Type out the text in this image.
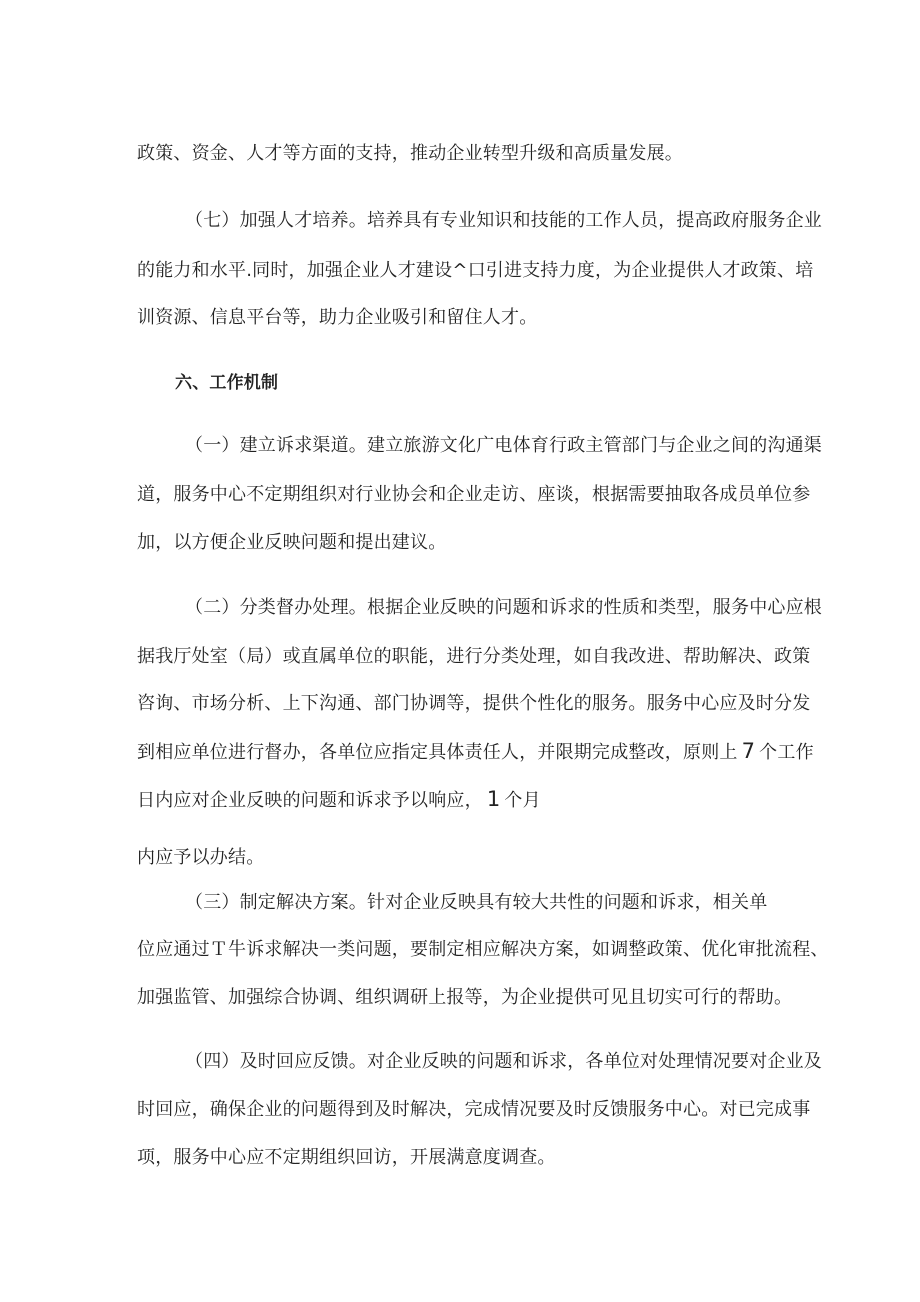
政策、资金、人才等方面的支持，推动企业转型升级和高质量发展。
（七）加强人才培养。培养具有专业知识和技能的工作人员，提高政府服务企业
的能力和水平.同时，加强企业人才建设^口引进支持力度，为企业提供人才政策、培
训资源、信息平台等，助力企业吸引和留住人才。
六、工作机制
（一）建立诉求渠道。建立旅游文化广电体育行政主管部门与企业之间的沟通渠
道，服务中心不定期组织对行业协会和企业走访、座谈，根据需要抽取各成员单位参
加，以方便企业反映问题和提出建议。
（二）分类督办处理。根据企业反映的问题和诉求的性质和类型，服务中心应根
据我厅处室（局）或直属单位的职能，进行分类处理，如自我改进、帮助解决、政策
咨询、市场分析、上下沟通、部门协调等，提供个性化的服务。服务中心应及时分发
到相应单位进行督办，各单位应指定具体责任人，并限期完成整改，原则上 7 个工作
日内应对企业反映的问题和诉求予以响应， 1 个月
内应予以办结。
（三）制定解决方案。针对企业反映具有较大共性的问题和诉求，相关单
位应通过Ｔ牛诉求解决一类问题，要制定相应解决方案，如调整政策、优化审批流程、
加强监管、加强综合协调、组织调研上报等，为企业提供可见且切实可行的帮助。
（四）及时回应反馈。对企业反映的问题和诉求，各单位对处理情况要对企业及
时回应，确保企业的问题得到及时解决，完成情况要及时反馈服务中心。对已完成事
项，服务中心应不定期组织回访，开展满意度调查。
